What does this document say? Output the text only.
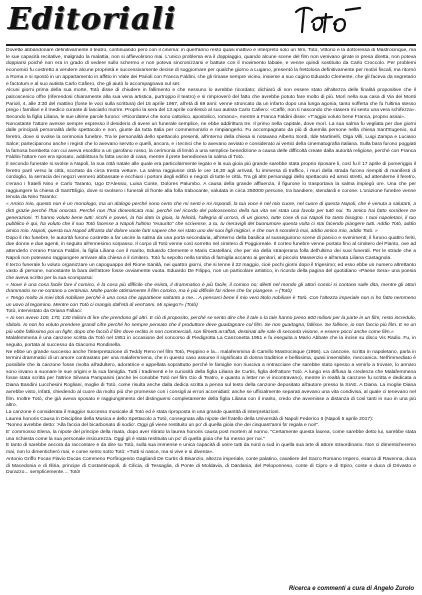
Editoriali

Dovette abbandonare definitivamente il teatro, continuando però con il cinema: in quell'anno restò quasi inattivo e interpretò solo un film, Totò, Vittorio e la dottoressa di Mastrocinque, ma le sue capacità recitative, malgrado la malattia, non si affievolirono mai. L'unico problema era il doppiaggio, quando alcune scene del film non venivano girate in presa diretta, non poteva doppiarsi poiché non era in grado di vedere sullo schermo e non poteva sincronizzarsi e battute con il movimento labiale, e venne quindi sostituito da Carlo Croccolo. Per problemi economici fu costretto a vendere alcune proprietà e successivamente decise di soggiornare per qualche giorno a Lugano, presentò la frettolosa definitivamente per motivi fiscali, ma ritornò a Roma e si spostò in un appartamento in affitto in Viale dei Parioli con Franca Faldini, che gli rimase sempre vicino, insieme a suo cugino Eduardo Clemente, che gli faceva da segretario e factotum e al suo autista Carlo Cafiero, che gli aiutò lo accompagnava sul set.

Alcuni giorni prima della sua morte, Totò disse di chiudere in fallimento e che nessuno lo avrebbe ricordato; dichiarò di non essere stato all'altezza delle finalità propositive che il palcoscenico offre (riferendosi chiaramente alla sua vena artistica, purtroppo il teatro) e si rimproverò del fatto che avrebbe potuto fare molto di più. Morì nella sua casa di Via dei Monti Parioli, 4, alle 3:30 del mattino (fonte le voci sulla scrittura) del 15 aprile 1967, all'età di 69 anni: venne stroncato da un infarto dopo una lunga agonia, tanto sofferta che fu l'ultima stesso prego i familiari e il medico curante di lasciarlo morire. Proprio la sera del 13 aprile confessò al suo autista Carlo Cafiero: «Caffè, non ti nascondo che stasera mi sento una vera schifezza». Secondo la figlia Liliana, le sue ultime parole furono: «Ricordatevi che sono cattolico, apostolico, romano», mentre a Franca Faldini disse: «T'aggio voluto bene Franca, proprio assai».

Nonostante l'attore avesse sempre espresso il desiderio di avere un funerale semplice, ne ebbe addirittura tre. Il primo nella capitale, dove morì. La sua salma fu vegliata per due giorni dalle principali personalità dello spettacolo e non, giunte da tutta Italia per commemorarlo e rimpiangerlo. Fu accompagnato da più di duemila persone nella chiesa Sant'Eugenio, sul feretro, dove si svolse la cerimonia funebre. Tra le personalità dello spettacolo presenti, all'interno della chiesa si notavano Alberto Sordi, Ilde Martinelli, Olga Villi, Luigi Zampa e Luciano Salce; parteciparono anche i registi che lo avevano servito e quelli, ancora, e i tecnici che lo avevano avviato e considerato ai vertici della cinematografia italiana. Sulla bara furono poggiati la famosa bombetta con cui aveva esordito a un garofano rosso, la cerimonia di limitò a una semplice benedizione a causa delle difficoltà create dalla autorità religiose, perché con Franca Faldini l'attore non era sposato, addirittura fu fatta uscire di casa, mentre il prete benediceva la salma di Totò.

Il secondo funerale si svolse a Napoli, la sua città natale alle quale era particolarmente legato e la sua gioia più grande sarebbe stata proprio riposare li, così fu il 17 aprile di pomeriggio il feretro partì verso la città, scortato da circa trenta vetture. La salma raggiunse città le ore 16,30 agli arrivati, fu immersa di traffico, i muri della strada furono riempiti di manifesti di cordoglio, la serracia dei negozi vennero abbassate e ecchiusi i portoni degli edifici e negozi di tutte le città. Tra gli altri personaggi dello spettacolo ed amici stretti, ad attenderne il feretro, c'erano i fratelli Nino e Carlo Taranto, Ugo D'Alessio, Luisa Conte, Dolores Palumbo. A causa della grande affluenza, il figurone lo trasportava la salma impiegò ore. Una che per raggiungere la chiesa di Sant'Eligio, dove si svolsero i funerali di fronte alla folla trabocante, valutata in circa 250000 persone, tra bandiere, stendardi e corone. L'orazione funebre venne tenuta da Nino Taranto:

« Amico mio, questo non è un monologo, ma un dialogo perché sono certo che mi senti e mi rispondi, la tua voce è nel mio cuore, nel cuore di questa Napoli, che è venuta a salutarti, a dirti grazie perché l'hai onorata. Perché non l'hai dimenticata mai, perché nel ricordo del palcoscenico della tua vita sei stata una favola per tutti noi. Tu amico hai fatto sorridere tre generazioni. Ti hanno voluto bene tutti: ricchi e poveri, la hai dato la gioia, la felicità, l'allegria di un'ora, di un giorno, tutte cose di cui Napoli ha tanto bisogno. I tuoi napoletani, il tuo pubblico è qui, ha voluto che il suo Totò facesse a Napoli l'ultimo "esaurito" che scrivesse, a tu, tu meravigli del buonumore questa volta ci stai facendo piangere tutti. Addio Totò, addio amico mio. Napoli, questa tua Napoli affranta dal dolore vuole farti sapere che sei stato uno dei suoi figli migliori, e che non ti scorderà mai, addio amico mio, addio Totò. »

Dopo il rito funebre, le autorità furono costrette a far uscire la salma da una porta secondaria, all'interno della basilica al susseguirono scene di panico e svenimenti; il furono quattro feriti, due donne e due agenti, in seguito all'ennesimo sorpasso. Il corpo di Totò venne così sorretto nel cimitero di Poggioreale. Il corteo funebre venne portato fino al cimitero del Pianto, ove ad attenderlo c'erano Franca Faldini, la figlia Liliana con il marito, Eduardo Clemente e Mario Castellani, che per via della stranjerana folla dell'ultimo dei suoi funerali. Per le strade che a Napoli non potevano raggiungere arrivare alla chiesa e il cimitero. Totò fu sepolto nella tomba di famiglia accanto ai genitori, al piccolo Massenzio e all'amata Liliana Castagnola.

Il terzo funerale fu voluto organizzare un capoguappo del Rione Sanità, nei quattro giorni, che si tenne il 22 maggio, cioè pochi giorni dopo il trigesimo; ed esso ebbe un numero altrettanto vasto di persone, nonostante la bara dell'attore fosse ovviamente vuota. Eduardo De Filippo, non un particolare artistico, in ricordo della pagina del quotidiano «Paese Sera» una poesia che aveva scritto per la sua scomparsa:

« Nove è una cosa facile fare il comico, è la cosa più difficile che esista, il drammatico è più facile, il comico no; diletti nel mondo gli attori comici si contano sulle dita, mentre gli attori drammatici se ne contano a centinaia. Molte parole ottimamente il film comico, ma è più difficile far ridere che far piangere. » (Totò)

« Tengo molto ai miei titoli nobiliare perché è una cosa che appartiene soltanto a me... A pensarci bene il mio vero titolo nobiliare è Totò. Con l'altezza imperiale non ci ho fatto nemmeno un uovo al tegamino. Mentre con Totò ci mangio dall'età di vent'anni. Mi spiego?» (Totò)

Totò, intervistato da Oriana Fallaci:

« Io non avevo 100, 170, 130 milioni di lire che prendono gli altri. E ciò di proposito, perché se sento dire che il tale o la tale hanno preso 600 milioni per la parte in un film, resto incredulo, sbitolo. Io non ho voluto prendere grandi cifre perché ho sempre pensato che il produttore deve guadagnare col film. Se non guadagna, fallisce. Se fallisce, io non faccio più film. E se un più volte fallissimo poi un fight, dopo che facciò il film dove reclito in non commerciali, son filmetti arraffati, destinati alle sale di seconda visione, e essere pocci anche come film.»

Malafemmena è una canzone scritta da Totò nel 1951 in occasione del concorso di Piedigrotta La Canzonetta 1951 e fu eseguita a Mario Abbate che la incise su disco Vis Radio. Fu, in seguito, portata al successo da Giacomo Rondinella.

Ne ebbe un grande successo anche l'interpretazione di Teddy Reno nel film Totò, Peppino e la... malafemmina di Camillo Mastrocinque (1956). La canzone, scritta in napoletano, parla in termini drammatici di un amore contrastato per una malafemmena, che in questo caso assume il significato di donna traditrice e bellissima, quasi insensibile, meccanica. Nell'immediato è possibile che la canzone fosse rivolta all'adultero, adoratrice e appellata soprattutto perché le famiglie non riusciva a rintracciare che sarebbe stato spesso a venirlo a trovare, lo annaro sono invano a suonare le sue origini e la sua famiglia. Tutti i tradimenti e le curiosità della figlia Liliana de Curtis, figlia dell'attore Totò. A lungo era diffusa la credenza che Malafemmena fosse stata scritta per l'attrice Silvana Pampanini (anche lei conobbe Totò nel film Gio di Teatro, e quanto a letter ne vi incontravano), mentre in realtà la canzone fu scritta e dedicata a Diana Bandini Lucchesini Rogliani, moglie di Totò, come risulta anche dalla dedica scritta a penna sul testo della canzone depositato all'autore presso la SIAE. A Diana. La moglie Diana avrebbe visto, infatti, chiedendo al cuore da molto più che promesse con i consigli ai errori accenidiati: anche se ufficialmente separati avevano una vita condivisa, al quale ci tenevano nel film. Inoltre Totò, che già aveva sposato e raggiungimento del distinguersi completamente della figlia Liliana con il marito, credo che avvenisse a distanza di così tanti in suo in una più altro.

La canzone è considerata il maggior successo musicale di Totò ed è stata riproposta in una grande quantità di interpretazioni.

Laurea honoris Causa in Discipline della Musica e dello Spettacolo a Totò, consegnata alla nipote del fratello della Università di Napoli Federico II (Napoli 5 aprile 2017):

"Nonno avrebbe detto: 'Alla faccia del bicarbonato di sodio'. Oggi gli viene restituito un po' di quella gioia che dei cinquant'anni fa' regala e noi!".

E' commosso Elena, la nipote del principe della risata, dopo aver ritirato la laurea honoris causa post mortem al nonno. "Certamente questa laurea, come sarebbe detto lui, sarebbe stata una richiesta come la sua personale insicurezza. Oggi gli è stata restituita un po' di quella gioia che ha messo per noi."

E tanto di sarebbe ancora da raccontare e da dire su Totò, sulla sua immense e unica capacità di unire tutti da nord a sud in quella sua arte di attore straordinario. Non ci dimenticheremo mai, non lo dimenticherò mai, e come sento sotto Totò: «Tutti si nasce, ma si vive e si diventa».

Antonio Griffo Focas Flavio Ducas Commeno Porfirogenito Gagliardi De Curtis di Bisanzio, altezza imperiale, conte palatino, cavaliere del Sacro Romano Impero, esarca di Ravenna, duca di Macedonia e di Illiria, principe di Costantinopoli, di Cilicia, di Tessaglia, di Ponte di Moldavia, di Dardania, del Peloponneso, conte di Cipro e di Epiro, conte e duca di Drivasto e Durazzo... semplicemente.... Totò!

Ricerca e commenti a cura di Angelo Zurolo
